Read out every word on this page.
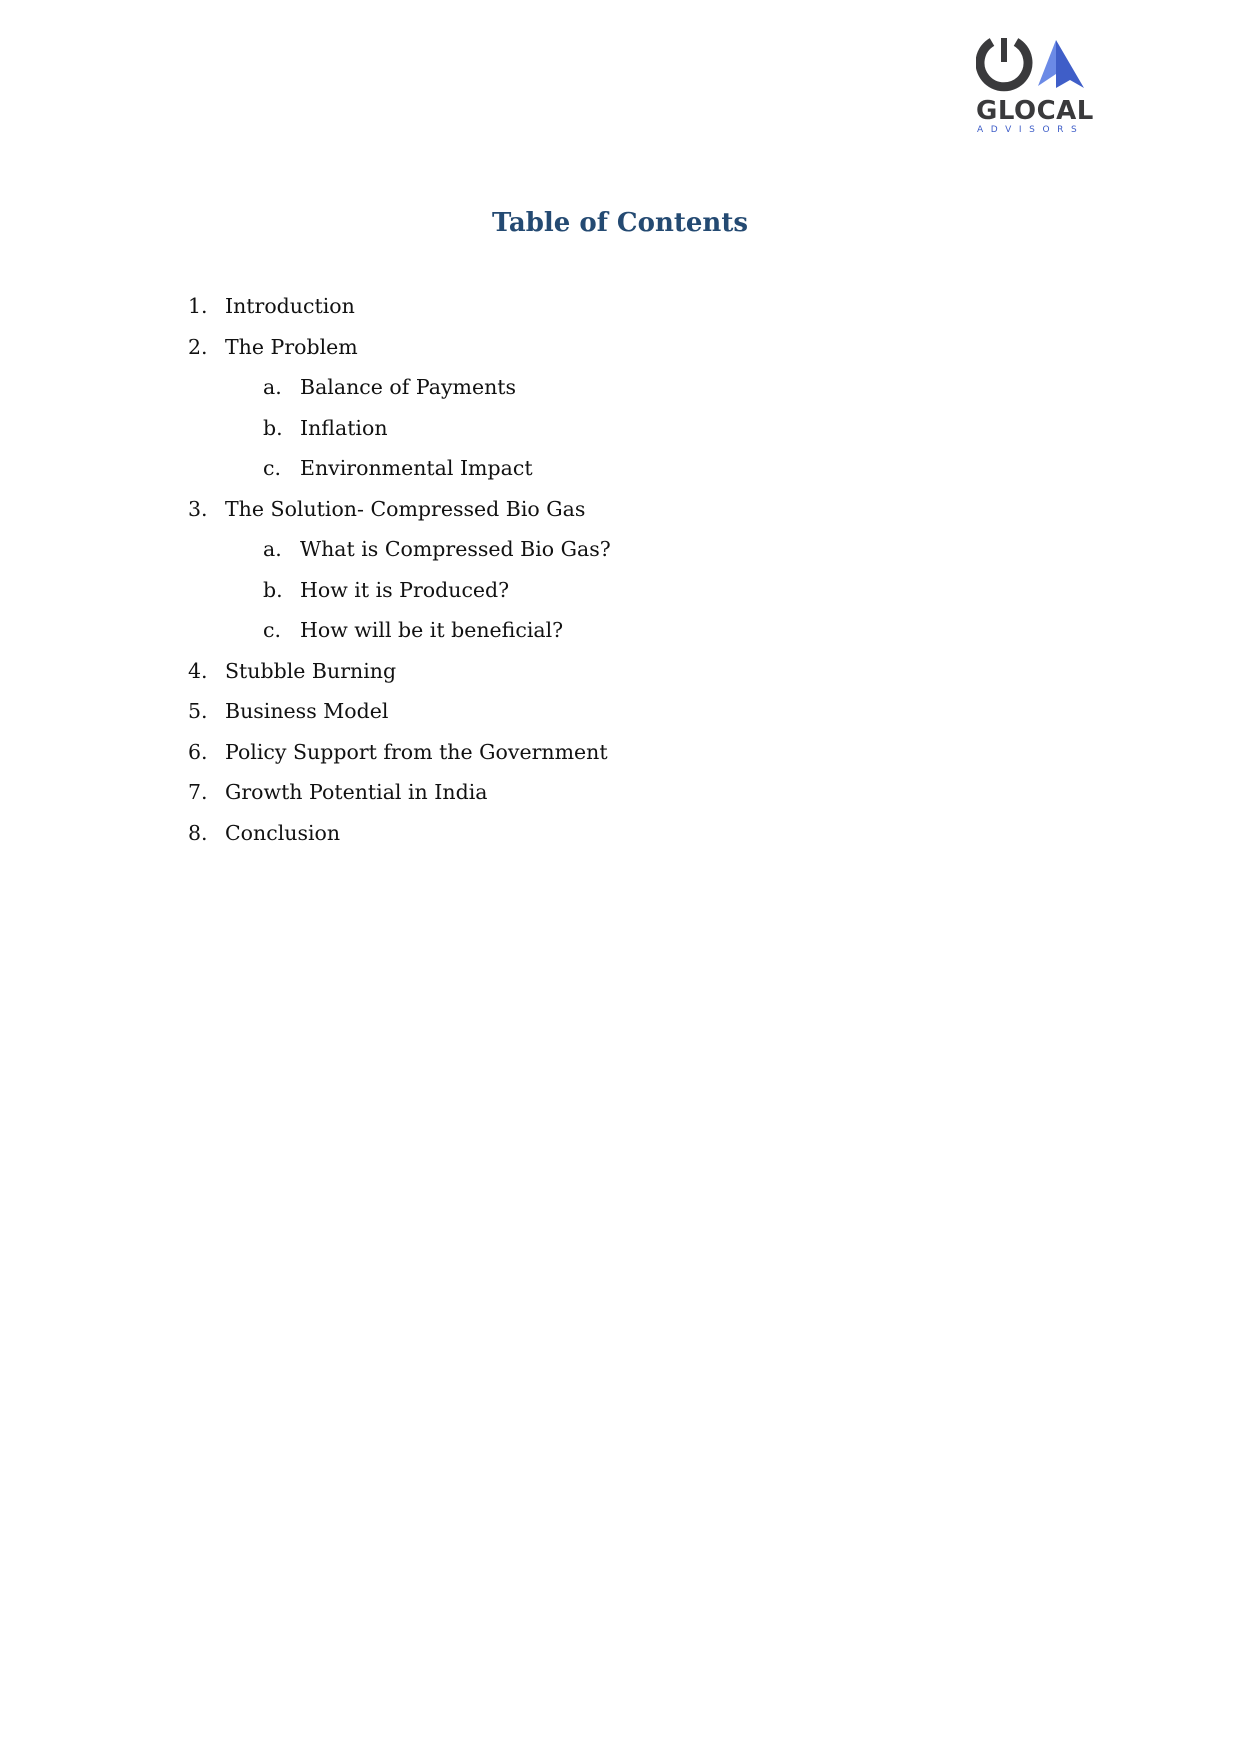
GLOCAL
ADVISORS
Table of Contents
1. Introduction
2. The Problem
a. Balance of Payments
b. Inflation
c. Environmental Impact
3. The Solution- Compressed Bio Gas
a. What is Compressed Bio Gas?
b. How it is Produced?
c. How will be it beneficial?
4. Stubble Burning
5. Business Model
6. Policy Support from the Government
7. Growth Potential in India
8. Conclusion
